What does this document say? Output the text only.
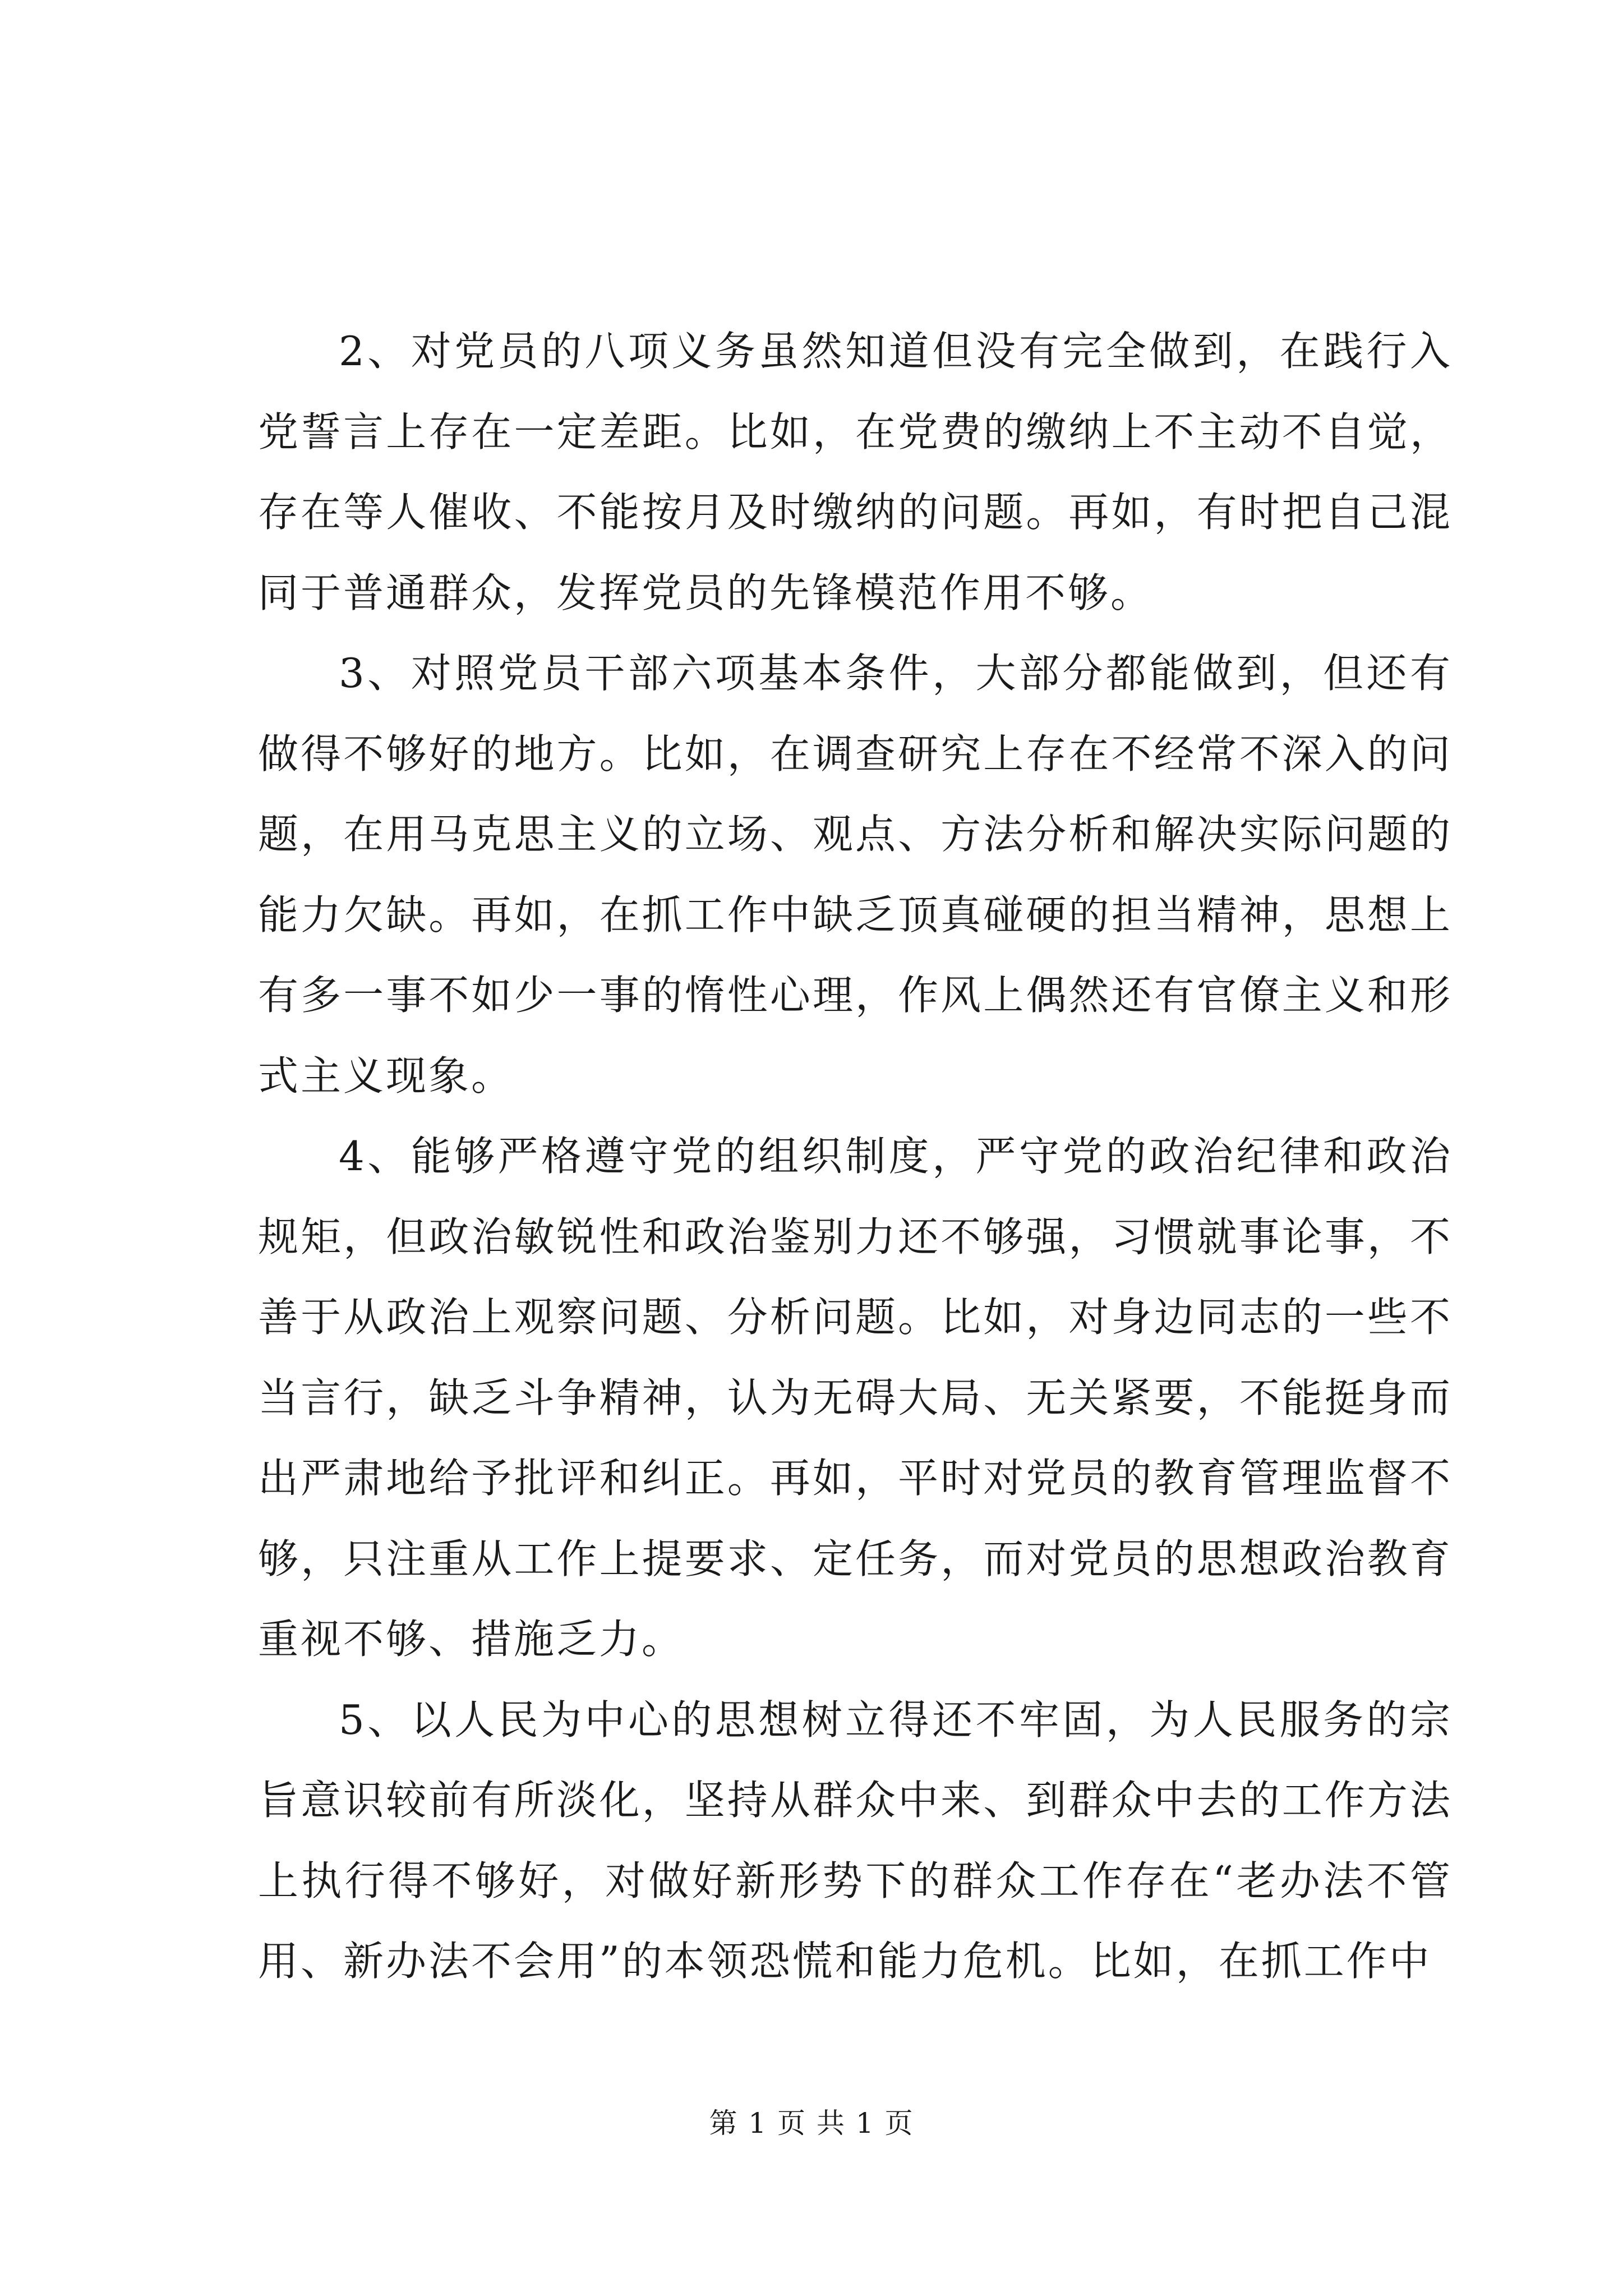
2、对党员的八项义务虽然知道但没有完全做到，在践行入党誓言上存在一定差距。比如，在党费的缴纳上不主动不自觉，存在等人催收、不能按月及时缴纳的问题。再如，有时把自己混同于普通群众，发挥党员的先锋模范作用不够。

3、对照党员干部六项基本条件，大部分都能做到，但还有做得不够好的地方。比如，在调查研究上存在不经常不深入的问题，在用马克思主义的立场、观点、方法分析和解决实际问题的能力欠缺。再如，在抓工作中缺乏顶真碰硬的担当精神，思想上有多一事不如少一事的惰性心理，作风上偶然还有官僚主义和形式主义现象。

4、能够严格遵守党的组织制度，严守党的政治纪律和政治规矩，但政治敏锐性和政治鉴别力还不够强，习惯就事论事，不善于从政治上观察问题、分析问题。比如，对身边同志的一些不当言行，缺乏斗争精神，认为无碍大局、无关紧要，不能挺身而出严肃地给予批评和纠正。再如，平时对党员的教育管理监督不够，只注重从工作上提要求、定任务，而对党员的思想政治教育重视不够、措施乏力。

5、以人民为中心的思想树立得还不牢固，为人民服务的宗旨意识较前有所淡化，坚持从群众中来、到群众中去的工作方法上执行得不够好，对做好新形势下的群众工作存在“老办法不管用、新办法不会用”的本领恐慌和能力危机。比如，在抓工作中

第 1 页 共 1 页
